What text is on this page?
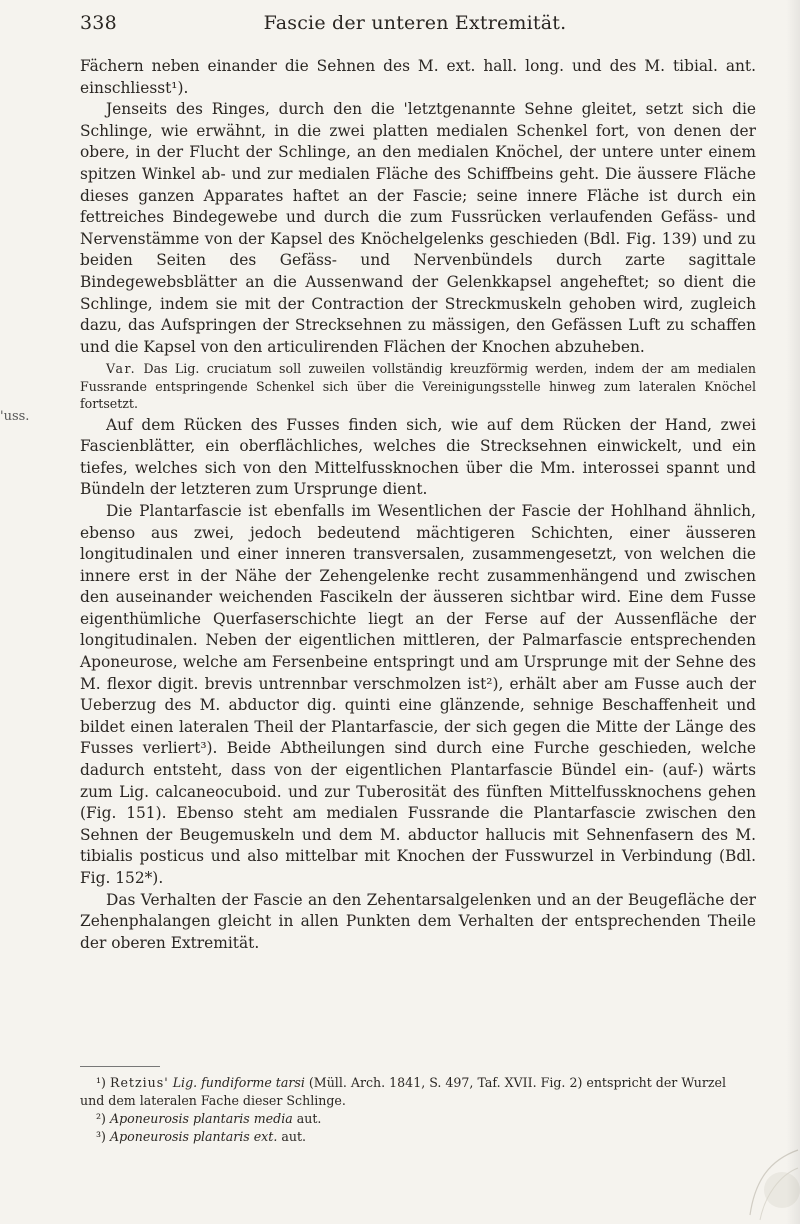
338	Fascie der unteren Extremität.
'uss.

Fächern neben einander die Sehnen des M. ext. hall. long. und des M. tibial. ant. einschliesst¹).

Jenseits des Ringes, durch den die 'letztgenannte Sehne gleitet, setzt sich die Schlinge, wie erwähnt, in die zwei platten medialen Schenkel fort, von denen der obere, in der Flucht der Schlinge, an den medialen Knöchel, der untere unter einem spitzen Winkel ab- und zur medialen Fläche des Schiffbeins geht. Die äussere Fläche dieses ganzen Apparates haftet an der Fascie; seine innere Fläche ist durch ein fettreiches Bindegewebe und durch die zum Fussrücken verlaufenden Gefäss- und Nervenstämme von der Kapsel des Knöchelgelenks geschieden (Bdl. Fig. 139) und zu beiden Seiten des Gefäss- und Nervenbündels durch zarte sagittale Bindegewebsblätter an die Aussenwand der Gelenkkapsel angeheftet; so dient die Schlinge, indem sie mit der Contraction der Streckmuskeln gehoben wird, zugleich dazu, das Aufspringen der Strecksehnen zu mässigen, den Gefässen Luft zu schaffen und die Kapsel von den articulirenden Flächen der Knochen abzuheben.

Var. Das Lig. cruciatum soll zuweilen vollständig kreuzförmig werden, indem der am medialen Fussrande entspringende Schenkel sich über die Vereinigungsstelle hinweg zum lateralen Knöchel fortsetzt.

Auf dem Rücken des Fusses finden sich, wie auf dem Rücken der Hand, zwei Fascienblätter, ein oberflächliches, welches die Strecksehnen einwickelt, und ein tiefes, welches sich von den Mittelfussknochen über die Mm. interossei spannt und Bündeln der letzteren zum Ursprunge dient.

Die Plantarfascie ist ebenfalls im Wesentlichen der Fascie der Hohlhand ähnlich, ebenso aus zwei, jedoch bedeutend mächtigeren Schichten, einer äusseren longitudinalen und einer inneren transversalen, zusammengesetzt, von welchen die innere erst in der Nähe der Zehengelenke recht zusammenhängend und zwischen den auseinander weichenden Fascikeln der äusseren sichtbar wird. Eine dem Fusse eigenthümliche Querfaserschichte liegt an der Ferse auf der Aussenfläche der longitudinalen. Neben der eigentlichen mittleren, der Palmarfascie entsprechenden Aponeurose, welche am Fersenbeine entspringt und am Ursprunge mit der Sehne des M. flexor digit. brevis untrennbar verschmolzen ist²), erhält aber am Fusse auch der Ueberzug des M. abductor dig. quinti eine glänzende, sehnige Beschaffenheit und bildet einen lateralen Theil der Plantarfascie, der sich gegen die Mitte der Länge des Fusses verliert³). Beide Abtheilungen sind durch eine Furche geschieden, welche dadurch entsteht, dass von der eigentlichen Plantarfascie Bündel ein- (auf-) wärts zum Lig. calcaneocuboid. und zur Tuberosität des fünften Mittelfussknochens gehen (Fig. 151). Ebenso steht am medialen Fussrande die Plantarfascie zwischen den Sehnen der Beugemuskeln und dem M. abductor hallucis mit Sehnenfasern des M. tibialis posticus und also mittelbar mit Knochen der Fusswurzel in Verbindung (Bdl. Fig. 152*).

Das Verhalten der Fascie an den Zehentarsalgelenken und an der Beugefläche der Zehenphalangen gleicht in allen Punkten dem Verhalten der entsprechenden Theile der oberen Extremität.

¹) Retzius' Lig. fundiforme tarsi (Müll. Arch. 1841, S. 497, Taf. XVII. Fig. 2) entspricht der Wurzel und dem lateralen Fache dieser Schlinge.
²) Aponeurosis plantaris media aut.
³) Aponeurosis plantaris ext. aut.
